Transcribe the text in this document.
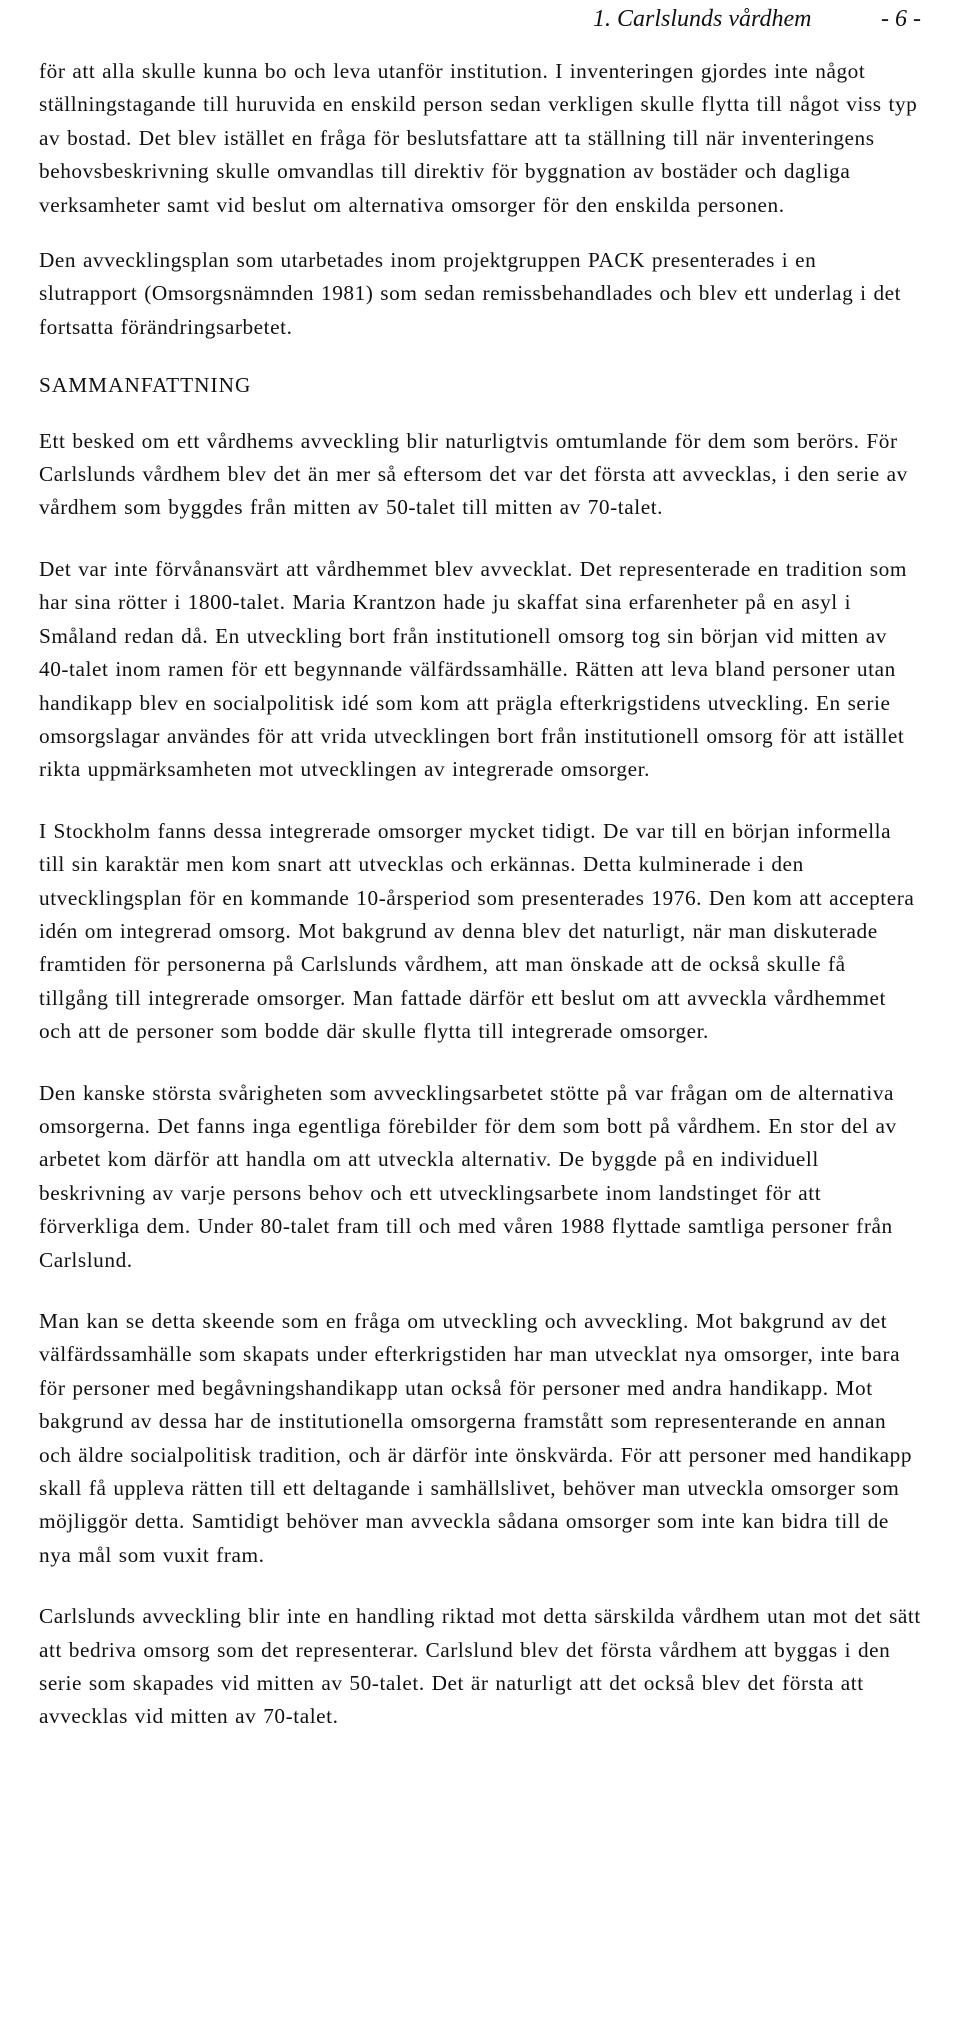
1. Carlslunds vårdhem	- 6 -

för att alla skulle kunna bo och leva utanför institution. I inventeringen gjordes inte något ställningstagande till huruvida en enskild person sedan verkligen skulle flytta till något viss typ av bostad. Det blev istället en fråga för beslutsfattare att ta ställning till när inventeringens behovsbeskrivning skulle omvandlas till direktiv för byggnation av bostäder och dagliga verksamheter samt vid beslut om alternativa omsorger för den enskilda personen.

Den avvecklingsplan som utarbetades inom projektgruppen PACK presenterades i en slutrapport (Omsorgsnämnden 1981) som sedan remissbehandlades och blev ett underlag i det fortsatta förändringsarbetet.

SAMMANFATTNING

Ett besked om ett vårdhems avveckling blir naturligtvis omtumlande för dem som berörs. För Carlslunds vårdhem blev det än mer så eftersom det var det första att avvecklas, i den serie av vårdhem som byggdes från mitten av 50-talet till mitten av 70-talet.

Det var inte förvånansvärt att vårdhemmet blev avvecklat. Det representerade en tradition som har sina rötter i 1800-talet. Maria Krantzon hade ju skaffat sina erfarenheter på en asyl i Småland redan då. En utveckling bort från institutionell omsorg tog sin början vid mitten av 40-talet inom ramen för ett begynnande välfärdssamhälle. Rätten att leva bland personer utan handikapp blev en socialpolitisk idé som kom att prägla efterkrigstidens utveckling. En serie omsorgslagar användes för att vrida utvecklingen bort från institutionell omsorg för att istället rikta uppmärksamheten mot utvecklingen av integrerade omsorger.

I Stockholm fanns dessa integrerade omsorger mycket tidigt. De var till en början informella till sin karaktär men kom snart att utvecklas och erkännas. Detta kulminerade i den utvecklingsplan för en kommande 10-årsperiod som presenterades 1976. Den kom att acceptera idén om integrerad omsorg. Mot bakgrund av denna blev det naturligt, när man diskuterade framtiden för personerna på Carlslunds vårdhem, att man önskade att de också skulle få tillgång till integrerade omsorger. Man fattade därför ett beslut om att avveckla vårdhemmet och att de personer som bodde där skulle flytta till integrerade omsorger.

Den kanske största svårigheten som avvecklingsarbetet stötte på var frågan om de alternativa omsorgerna. Det fanns inga egentliga förebilder för dem som bott på vårdhem. En stor del av arbetet kom därför att handla om att utveckla alternativ. De byggde på en individuell beskrivning av varje persons behov och ett utvecklingsarbete inom landstinget för att förverkliga dem. Under 80-talet fram till och med våren 1988 flyttade samtliga personer från Carlslund.

Man kan se detta skeende som en fråga om utveckling och avveckling. Mot bakgrund av det välfärdssamhälle som skapats under efterkrigstiden har man utvecklat nya omsorger, inte bara för personer med begåvningshandikapp utan också för personer med andra handikapp. Mot bakgrund av dessa har de institutionella omsorgerna framstått som representerande en annan och äldre socialpolitisk tradition, och är därför inte önskvärda. För att personer med handikapp skall få uppleva rätten till ett deltagande i samhällslivet, behöver man utveckla omsorger som möjliggör detta. Samtidigt behöver man avveckla sådana omsorger som inte kan bidra till de nya mål som vuxit fram.

Carlslunds avveckling blir inte en handling riktad mot detta särskilda vårdhem utan mot det sätt att bedriva omsorg som det representerar. Carlslund blev det första vårdhem att byggas i den serie som skapades vid mitten av 50-talet. Det är naturligt att det också blev det första att avvecklas vid mitten av 70-talet.
